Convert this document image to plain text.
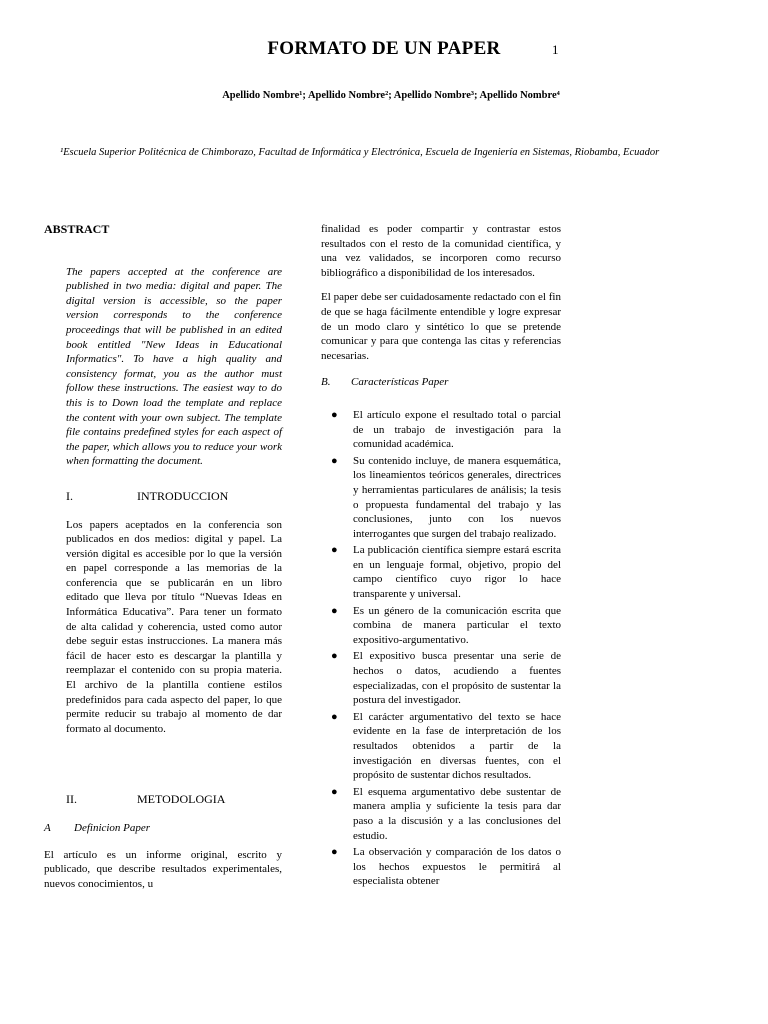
FORMATO DE UN PAPER	1
Apellido Nombre¹; Apellido Nombre²; Apellido Nombre³; Apellido Nombre⁴
¹Escuela Superior Politécnica de Chimborazo, Facultad de Informática y Electrónica, Escuela de Ingeniería en Sistemas, Riobamba, Ecuador
ABSTRACT

The papers accepted at the conference are published in two media: digital and paper. The digital version is accessible, so the paper version corresponds to the conference proceedings that will be published in an edited book entitled "New Ideas in Educational Informatics". To have a high quality and consistency format, you as the author must follow these instructions. The easiest way to do this is to Down load the template and replace the content with your own subject. The template file contains predefined styles for each aspect of the paper, which allows you to reduce your work when formatting the document.

I.	INTRODUCCION

Los papers aceptados en la conferencia son publicados en dos medios: digital y papel. La versión digital es accesible por lo que la versión en papel corresponde a las memorias de la conferencia que se publicarán en un libro editado que lleva por título “Nuevas Ideas en Informática Educativa”. Para tener un formato de alta calidad y coherencia, usted como autor debe seguir estas instrucciones. La manera más fácil de hacer esto es descargar la plantilla y reemplazar el contenido con su propia materia. El archivo de la plantilla contiene estilos predefinidos para cada aspecto del paper, lo que permite reducir su trabajo al momento de dar formato al documento.

II.	METODOLOGIA
A	Definicion Paper

El artículo es un informe original, escrito y publicado, que describe resultados experimentales, nuevos conocimientos, u

finalidad es poder compartir y contrastar estos resultados con el resto de la comunidad científica, y una vez validados, se incorporen como recurso bibliográfico a disponibilidad de los interesados.

El paper debe ser cuidadosamente redactado con el fin de que se haga fácilmente entendible y logre expresar de un modo claro y sintético lo que se pretende comunicar y para que contenga las citas y referencias necesarias.

B.	Características Paper
● El artículo expone el resultado total o parcial de un trabajo de investigación para la comunidad académica.
● Su contenido incluye, de manera esquemática, los lineamientos teóricos generales, directrices y herramientas particulares de análisis; la tesis o propuesta fundamental del trabajo y las conclusiones, junto con los nuevos interrogantes que surgen del trabajo realizado.
● La publicación científica siempre estará escrita en un lenguaje formal, objetivo, propio del campo científico cuyo rigor lo hace transparente y universal.
● Es un género de la comunicación escrita que combina de manera particular el texto expositivo-argumentativo.
● El expositivo busca presentar una serie de hechos o datos, acudiendo a fuentes especializadas, con el propósito de sustentar la postura del investigador.
● El carácter argumentativo del texto se hace evidente en la fase de interpretación de los resultados obtenidos a partir de la investigación en diversas fuentes, con el propósito de sustentar dichos resultados.
● El esquema argumentativo debe sustentar de manera amplia y suficiente la tesis para dar paso a la discusión y a las conclusiones del estudio.
● La observación y comparación de los datos o los hechos expuestos le permitirá al especialista obtener
